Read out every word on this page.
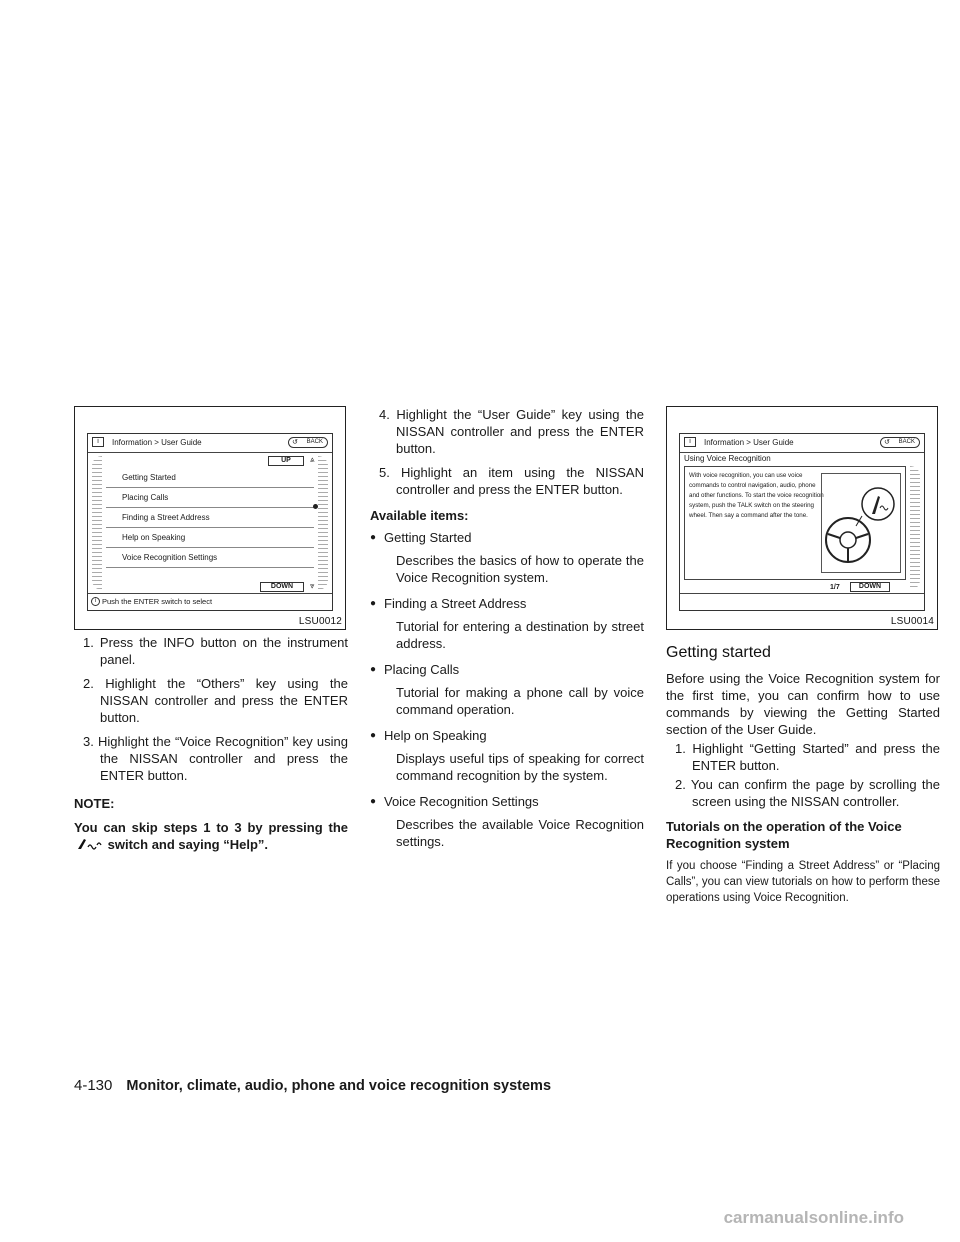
i	Information > User Guide	↺ BACK
UP	⩓
Getting Started
Placing Calls
Finding a Street Address
Help on Speaking
Voice Recognition Settings
DOWN	⩔
i Push the ENTER switch to select
LSU0012

1. Press the INFO button on the instrument panel.

2. Highlight the “Others” key using the NISSAN controller and press the ENTER button.

3. Highlight the “Voice Recognition” key using the NISSAN controller and press the ENTER button.

NOTE:

You can skip steps 1 to 3 by pressing the  switch and saying “Help”.

4. Highlight the “User Guide” key using the NISSAN controller and press the ENTER button.

5. Highlight an item using the NISSAN controller and press the ENTER button.

Available items:

● Getting Started

Describes the basics of how to operate the Voice Recognition system.

● Finding a Street Address

Tutorial for entering a destination by street address.

● Placing Calls

Tutorial for making a phone call by voice command operation.

● Help on Speaking

Displays useful tips of speaking for correct command recognition by the system.

● Voice Recognition Settings

Describes the available Voice Recognition settings.

i	Information > User Guide	↺ BACK
Using Voice Recognition
With voice recognition, you can use voice commands to control navigation, audio, phone and other functions. To start the voice recognition system, push the TALK switch on the steering wheel. Then say a command after the tone.
1/7	DOWN
LSU0014

Getting started

Before using the Voice Recognition system for the first time, you can confirm how to use commands by viewing the Getting Started section of the User Guide.

1. Highlight “Getting Started” and press the ENTER button.

2. You can confirm the page by scrolling the screen using the NISSAN controller.

Tutorials on the operation of the Voice Recognition system

If you choose “Finding a Street Address” or “Placing Calls”, you can view tutorials on how to perform these operations using Voice Recognition.

4-130 Monitor, climate, audio, phone and voice recognition systems
carmanualsonline.info
